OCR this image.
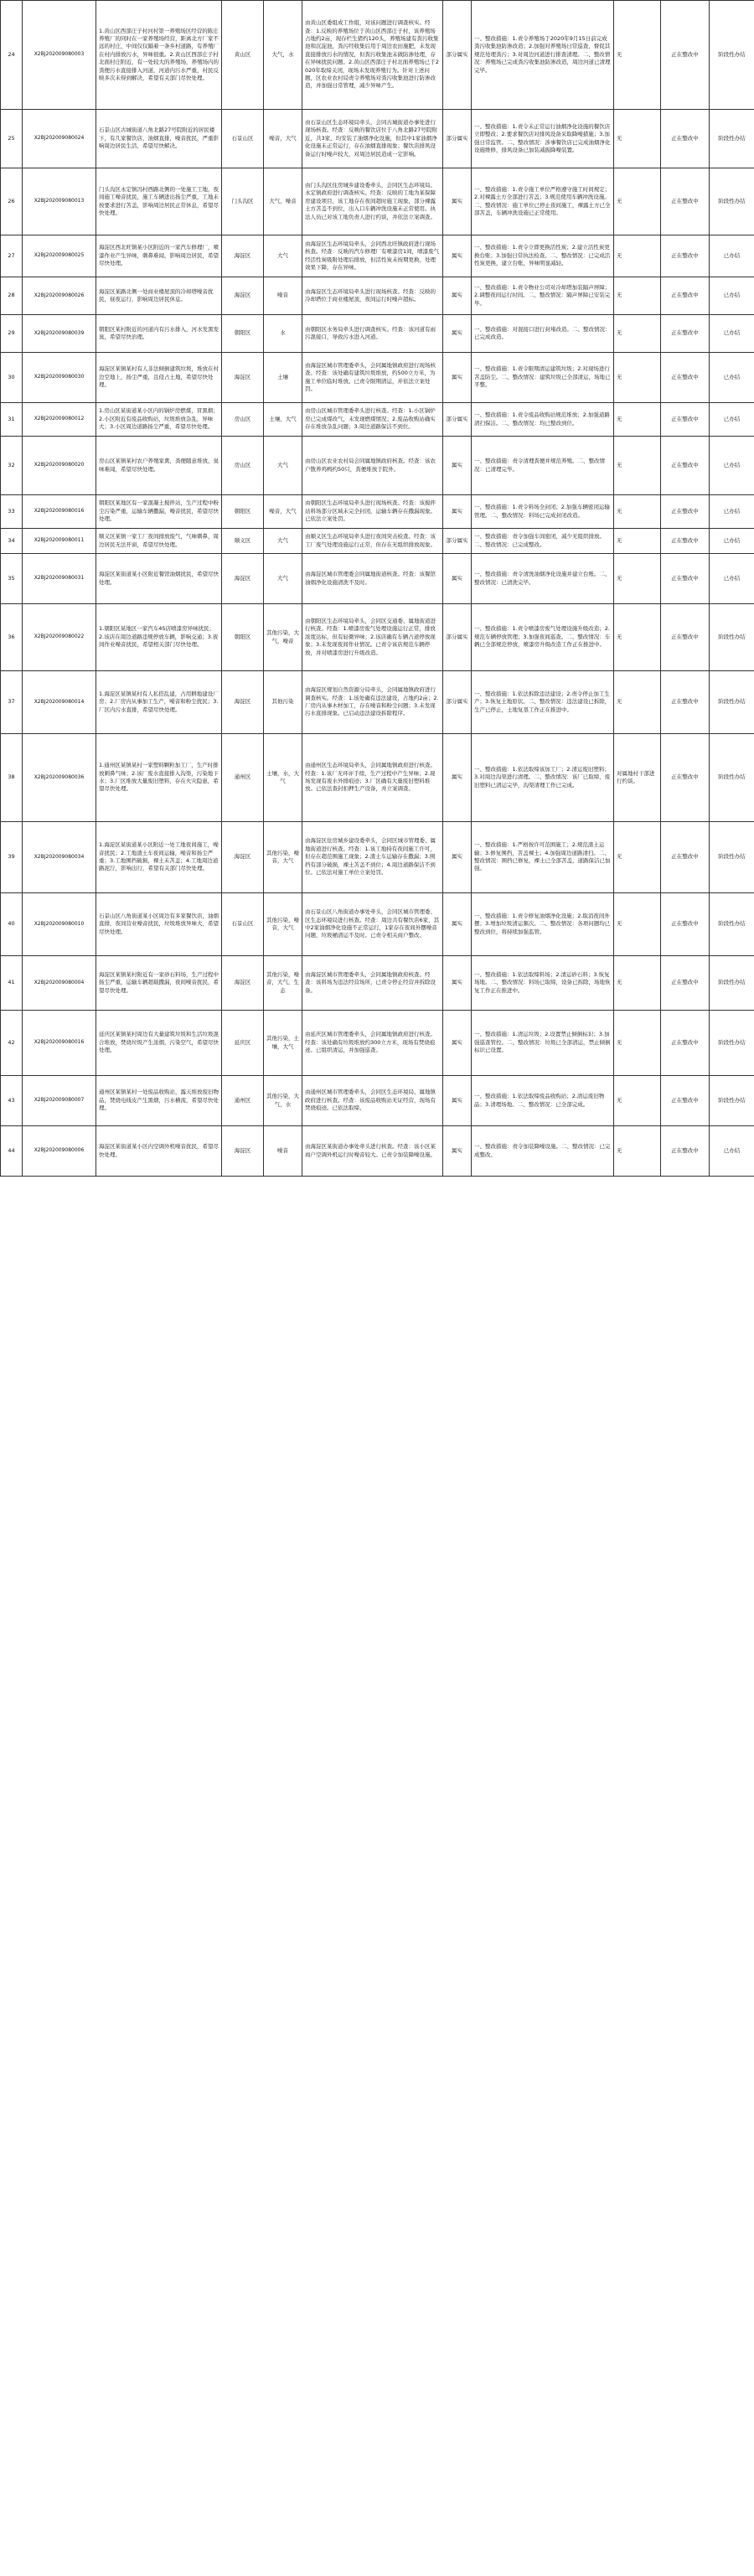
24	X2BJ202009080003	1.黄山区西部庄子村河村第一养殖场区经营的陈庄养殖厂的同时在一家养殖场经营，距离北方厂家不远的村庄，中间仅仅隔着一条乡村道路，有养殖厂在村内排放污水，异味很重。2.黄山区西部庄子村北面村庄附近，有一处较大的养殖场，养殖场内的粪便污水直接排入河道，河道内污水严重，村民反映多次未得到解决，希望有关部门尽快处理。	黄山区	大气，水	由黄山区委组成工作组，对该问题进行调查核实。经查：1.反映的养殖场位于黄山区西部庄子村，该养殖场占地约2亩，现存栏生猪约120头，养殖场建有粪污收集池和沉淀池，粪污经收集后用于周边农田施肥，未发现直接排放污水的情况，但粪污收集池未做防渗处理，存在异味扰民问题。2.黄山区西部庄子村北面养殖场已于2020年取缔关闭，现场未发现养殖行为。针对上述问题，区农业农村局责令养殖场对粪污收集池进行防渗改造，并加强日常管理，减少异味产生。	部分属实	一、整改措施：1.责令养殖场于2020年9月15日前完成粪污收集池防渗改造；2.加强对养殖场日常巡查，督促其规范处理粪污；3.对周边河道进行排查清理。二、整改情况：养殖场已完成粪污收集池防渗改造，周边河道已清理完毕。	无	正在整改中	阶段性办结
25	X2BJ202009080024	石景山区古城街道八角北路27号院附近的居民楼下，有几家餐饮店，油烟直排，噪音扰民，严重影响周边居民生活，希望尽快解决。	石景山区	噪音，大气	由石景山区生态环境局牵头，会同古城街道办事处进行现场核查。经查：反映的餐饮店位于八角北路27号院附近，共3家，均安装了油烟净化设施，但其中1家油烟净化设施未正常运行，存在油烟直排现象；餐饮店排风设备运行时噪声较大，对周边居民造成一定影响。	部分属实	一、整改措施：1.责令未正常运行油烟净化设施的餐饮店立即整改；2.要求餐饮店对排风设备采取降噪措施；3.加强日常监管。二、整改情况：涉事餐饮店已完成油烟净化设施维修，排风设备已加装减振降噪装置。	无	正在整改中	阶段性办结
26	X2BJ202009080013	门头沟区永定镇冯村西路北侧的一处施工工地，夜间施工噪音扰民，施工车辆进出扬尘严重，工地未按要求进行苫盖，影响周边居民正常休息，希望尽快处理。	门头沟区	大气，噪音	由门头沟区住房城乡建设委牵头，会同区生态环境局、永定镇政府进行调查核实。经查：反映的工地为某保障房建设项目，该工地存在夜间超时施工现象，部分裸露土方苫盖不到位，出入口车辆冲洗设施未正常使用。执法人员已对该工地负责人进行约谈，并依法立案调查。	属实	一、整改措施：1.责令施工单位严格遵守施工时间规定；2.对裸露土方全部进行苫盖；3.规范使用车辆冲洗设施。二、整改情况：施工单位已停止夜间施工，裸露土方已全部苫盖，车辆冲洗设施已正常使用。	无	正在整改中	阶段性办结
27	X2BJ202009080025	海淀区西北旺镇某小区附近的一家汽车修理厂，喷漆作业产生异味，刺鼻难闻，影响周边居民，希望尽快处理。	海淀区	大气	由海淀区生态环境局牵头，会同西北旺镇政府进行现场核查。经查：反映的汽车修理厂有喷漆房1间，喷漆废气经活性炭吸附处理后排放，但活性炭未按期更换，处理效果下降，存在异味。	属实	一、整改措施：1.责令立即更换活性炭；2.建立活性炭更换台账；3.加强日常执法检查。二、整改情况：已完成活性炭更换，建立台账，异味明显减轻。	无	正在整改中	已办结
28	X2BJ202009080026	海淀区某路北侧一处商业楼屋顶的冷却塔噪音扰民，昼夜运行，影响周边居民休息。	海淀区	噪音	由海淀区生态环境局牵头进行现场核查。经查：反映的冷却塔位于商业楼屋顶，夜间运行时噪声超标。	属实	一、整改措施：1.责令物业公司对冷却塔加装隔声屏障；2.调整夜间运行时间。二、整改情况：隔声屏障已安装完毕。	无	正在整改中	已办结
29	X2BJ202009080039	朝阳区某村附近的河道内有污水排入，河水发黑发臭，希望尽快治理。	朝阳区	水	由朝阳区水务局牵头进行调查核实。经查：该河道有雨污混接口，导致污水进入河道。	属实	一、整改措施：对混接口进行封堵改造。二、整改情况：已完成改造。	无	正在整改中	已办结
30	X2BJ202009080030	海淀区某镇某村有人非法倾倒建筑垃圾，堆放在村边空地上，扬尘严重，且侵占土地，希望尽快处理。	海淀区	土壤	由海淀区城市管理委牵头，会同属地镇政府进行现场核查。经查：该处确有建筑垃圾堆放，约500立方米，为施工单位临时堆放。已责令限期清运，并依法立案处罚。	属实	一、整改措施：1.责令限期清运建筑垃圾；2.对现场进行苫盖防尘。二、整改情况：建筑垃圾已全部清运，场地已平整。	无	正在整改中	已办结
31	X2BJ202009080012	1.房山区某街道某小区内的锅炉房燃煤，冒黑烟；2.小区附近有废品收购站，垃圾堆放杂乱，异味大；3.小区周边道路扬尘严重，希望尽快处理。	房山区	土壤，大气	由房山区城市管理委牵头进行核查。经查：1.小区锅炉房已完成煤改气，未发现燃煤情况；2.废品收购站确实存在堆放杂乱问题；3.周边道路保洁不到位。	部分属实	一、整改措施：1.责令废品收购站规范堆放；2.加强道路清扫保洁。二、整改情况：均已整改到位。	无	正在整改中	已办结
32	X2BJ202009080020	房山区某镇某村农户养殖家禽，粪便随意堆放，臭味难闻，希望尽快处理。	房山区	大气	由房山区农业农村局会同属地镇政府核查。经查：该农户散养鸡鸭约50只，粪便堆放于院外。	属实	一、整改措施：责令清理粪便并规范养殖。二、整改情况：已清理完毕。	无	正在整改中	已办结
33	X2BJ202009080016	朝阳区某地区有一家混凝土搅拌站，生产过程中粉尘污染严重，运输车辆撒漏，噪音扰民，希望尽快处理。	朝阳区	噪音，大气	由朝阳区生态环境局牵头进行现场核查。经查：该搅拌站料场部分区域未完全封闭，运输车辆存在撒漏现象。已依法立案处罚。	属实	一、整改措施：1.责令料场全封闭；2.加强车辆密闭运输管理。二、整改情况：料场已完成封闭改造。	无	正在整改中	已办结
34	X2BJ202009080011	顺义区某镇一家工厂夜间排放废气，气味刺鼻，周边居民无法开窗，希望尽快处理。	顺义区	大气	由顺义区生态环境局牵头进行夜间突击检查。经查：该工厂废气处理设施运行正常，但存在无组织排放现象。	部分属实	一、整改措施：责令加强车间密闭，减少无组织排放。二、整改情况：已完成整改。	无	正在整改中	已办结
35	X2BJ202009080031	海淀区某街道某小区附近餐馆油烟扰民，希望尽快处理。	海淀区	大气	由海淀区城市管理委会同属地街道核查。经查：该餐馆油烟净化设施清洗不及时。	属实	一、整改措施：责令清洗油烟净化设施并建立台账。二、整改情况：已清洗完毕。	无	正在整改中	已办结
36	X2BJ202009080022	1.朝阳区某地区一家汽车4S店喷漆房异味扰民；2.该店在周边道路违规停放车辆，影响交通；3.夜间作业噪音扰民，希望相关部门尽快处理。	朝阳区	其他污染，大气，噪音	由朝阳区生态环境局牵头，会同区交通委、属地街道进行核查。经查：1.喷漆房废气处理设施运行正常，排放浓度达标，但有轻微异味；2.该店确有车辆占道停放现象；3.未发现夜间作业情况。已责令该店规范车辆停放，并对喷漆房进行升级改造。	部分属实	一、整改措施：1.责令喷漆房废气处理设施升级改造；2.规范车辆停放管理；3.加强夜间巡查。二、整改情况：车辆已全部规范停放，喷漆房升级改造工作正在推进中。	无	正在整改中	阶段性办结
37	X2BJ202009080014	1.海淀区某镇某村有人私搭乱建，占用耕地建设厂房；2.厂房内从事加工生产，噪音和粉尘扰民；3.厂区内污水直排，希望尽快处理。	海淀区	其他污染	由海淀区规划自然资源分局牵头，会同属地镇政府进行调查核实。经查：1.该处确有违法建设，占地约2亩；2.厂房内从事木材加工，存在噪音和粉尘问题；3.未发现污水直排现象。已启动违法建设拆除程序。	部分属实	一、整改措施：1.依法拆除违法建设；2.责令停止加工生产；3.恢复土地原状。二、整改情况：违法建设已拆除，生产已停止，土地复垦工作正在推进中。	无	正在整改中	阶段性办结
38	X2BJ202009080036	1.通州区某镇某村一家塑料颗粒加工厂，生产时排放刺鼻气味；2.该厂废水直接排入沟渠，污染地下水；3.厂区堆放大量废旧塑料，存在火灾隐患，希望尽快处理。	通州区	土壤，水，大气	由通州区生态环境局牵头，会同属地镇政府进行核查。经查：1.该厂无环评手续，生产过程中产生异味；2.现场发现有废水外排痕迹；3.厂区确有大量废旧塑料堆放。已依法查封扣押生产设备，并立案调查。	属实	一、整改措施：1.依法取缔该加工厂；2.清运废旧塑料；3.对周边沟渠进行清理。二、整改情况：该厂已取缔，废旧塑料已清运完毕，沟渠清理工作已完成。	对属地村干部进行约谈。	正在整改中	阶段性办结
39	X2BJ202009080034	1.海淀区某街道某小区附近一处工地夜间施工，噪音扰民；2.工地渣土车夜间运输，噪音和扬尘严重；3.工地围挡破损，裸土未苫盖；4.工地周边道路泥泞，影响出行，希望有关部门尽快处理。	海淀区	其他污染，噪音，大气	由海淀区住房城乡建设委牵头，会同区城市管理委、属地街道进行核查。经查：1.该工地持有夜间施工许可，但存在超范围施工现象；2.渣土车运输存在撒漏；3.围挡有部分破损，裸土苫盖不到位；4.周边道路保洁不到位。已依法对施工单位立案处罚。	属实	一、整改措施：1.严格按许可范围施工；2.规范渣土运输；3.修复围挡，苫盖裸土；4.加强周边道路清扫。二、整改情况：围挡已修复，裸土已全部苫盖，道路保洁已加强。	无	正在整改中	阶段性办结
40	X2BJ202009080010	石景山区八角街道某小区周边有多家餐饮店，油烟直排，夜间营业噪音扰民，垃圾堆放异味大，希望尽快处理。	石景山区	其他污染，噪音，大气	由石景山区八角街道办事处牵头，会同区城市管理委、区生态环境局进行核查。经查：周边共有餐饮店6家，其中2家油烟净化设施不正常运行，1家存在夜间外摆噪音问题，垃圾桶清运不及时。已责令相关商户整改。	属实	一、整改措施：1.责令修复油烟净化设施；2.取消夜间外摆；3.增加垃圾清运频次。二、整改情况：各项问题均已整改到位，将持续加强监管。	无	正在整改中	阶段性办结
41	X2BJ202009080004	海淀区某镇某村附近有一家砂石料场，生产过程中扬尘严重，运输车辆超载撒漏，夜间噪音扰民，希望尽快处理。	海淀区	其他污染，噪音，大气，生态	由海淀区城市管理委牵头，会同属地镇政府核查。经查：该料场为违法经营场所，已责令停止经营并拆除设备。	属实	一、整改措施：1.依法取缔料场；2.清运砂石料；3.恢复场地。二、整改情况：料场已取缔，设备已拆除，场地恢复工作正在推进中。	无	正在整改中	阶段性办结
42	X2BJ202009080016	延庆区某镇某村周边有大量建筑垃圾和生活垃圾混合堆放，焚烧垃圾产生浓烟，污染空气，希望尽快处理。	延庆区	其他污染，土壤，大气	由延庆区城市管理委牵头，会同属地镇政府进行核查。经查：该处确有垃圾堆放约300立方米，现场有焚烧痕迹。已组织清运，并加强巡查。	属实	一、整改措施：1.清运垃圾；2.设置禁止倾倒标识；3.加强巡查管控。二、整改情况：垃圾已全部清运，禁止倾倒标识已设置。	无	正在整改中	阶段性办结
43	X2BJ202009080007	通州区某镇某村一处废品收购站，露天堆放废旧物品，焚烧电线皮产生黑烟，污水横流，希望尽快处理。	通州区	其他污染，大气，水	由通州区城市管理委牵头，会同区生态环境局、属地镇政府进行核查。经查：该废品收购站无证经营，现场有焚烧痕迹。已依法取缔。	属实	一、整改措施：1.依法取缔废品收购站；2.清运废旧物品；3.清理场地。二、整改情况：已全部完成。	无	正在整改中	阶段性办结
44	X2BJ202009080006	海淀区某街道某小区内空调外机噪音扰民，希望尽快处理。	海淀区	噪音	由海淀区某街道办事处牵头进行核查。经查：该小区某商户空调外机运行时噪音较大。已责令加装降噪设施。	属实	一、整改措施：责令加装降噪设施。二、整改情况：已完成整改。	无	正在整改中	已办结
